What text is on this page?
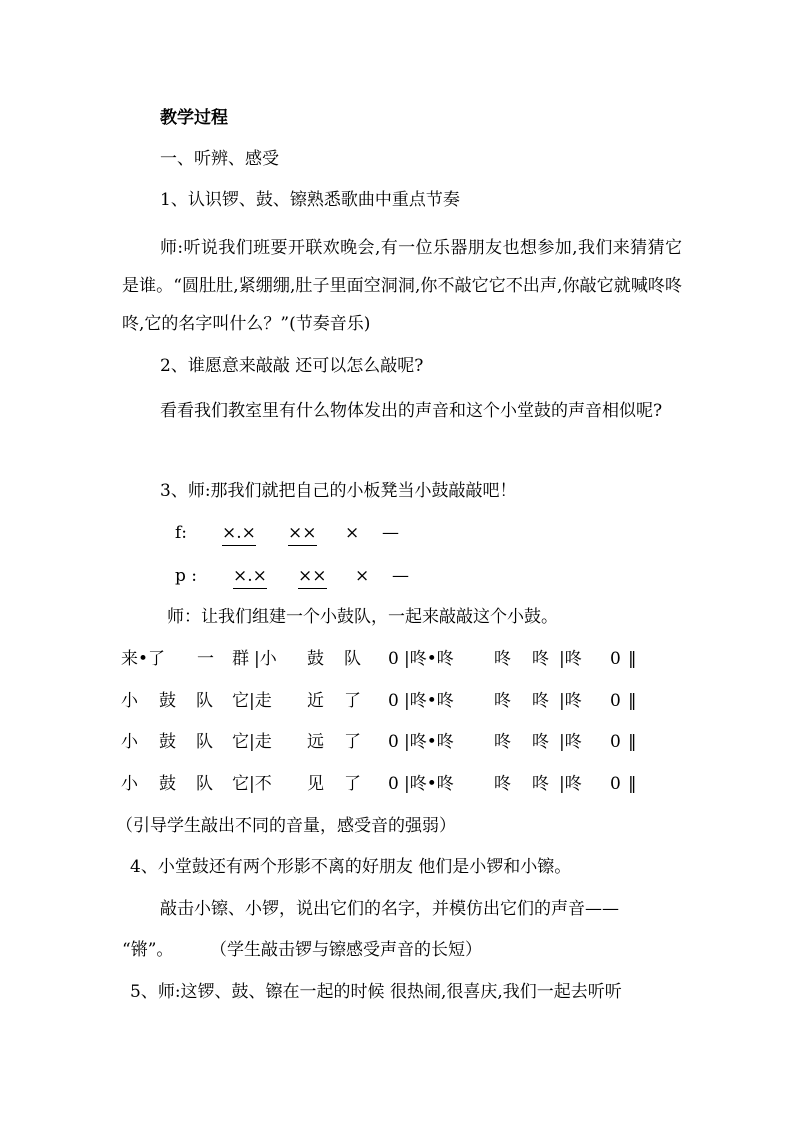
教学过程
一、听辨、感受
1、认识锣、鼓、镲熟悉歌曲中重点节奏
师:听说我们班要开联欢晚会,有一位乐器朋友也想参加,我们来猜猜它是谁。“圆肚肚,紧绷绷,肚子里面空洞洞,你不敲它它不出声,你敲它就喊咚咚咚,它的名字叫什么？”(节奏音乐)
2、谁愿意来敲敲 还可以怎么敲呢?
看看我们教室里有什么物体发出的声音和这个小堂鼓的声音相似呢?
3、师:那我们就把自己的小板凳当小鼓敲敲吧！
f: ×.× ×× × —
p : ×.× ×× × —
师：让我们组建一个小鼓队，一起来敲敲这个小鼓。
来•了 一 群 |小 鼓 队 0 |咚•咚 咚 咚 |咚 0 ‖
小 鼓 队 它|走 近 了 0 |咚•咚 咚 咚 |咚 0 ‖
小 鼓 队 它|走 远 了 0 |咚•咚 咚 咚 |咚 0 ‖
小 鼓 队 它|不 见 了 0 |咚•咚 咚 咚 |咚 0 ‖
（引导学生敲出不同的音量，感受音的强弱）
4、小堂鼓还有两个形影不离的好朋友 他们是小锣和小镲。
敲击小镲、小锣，说出它们的名字，并模仿出它们的声音——
“锵”。 （学生敲击锣与镲感受声音的长短）
5、师:这锣、鼓、镲在一起的时候 很热闹,很喜庆,我们一起去听听
